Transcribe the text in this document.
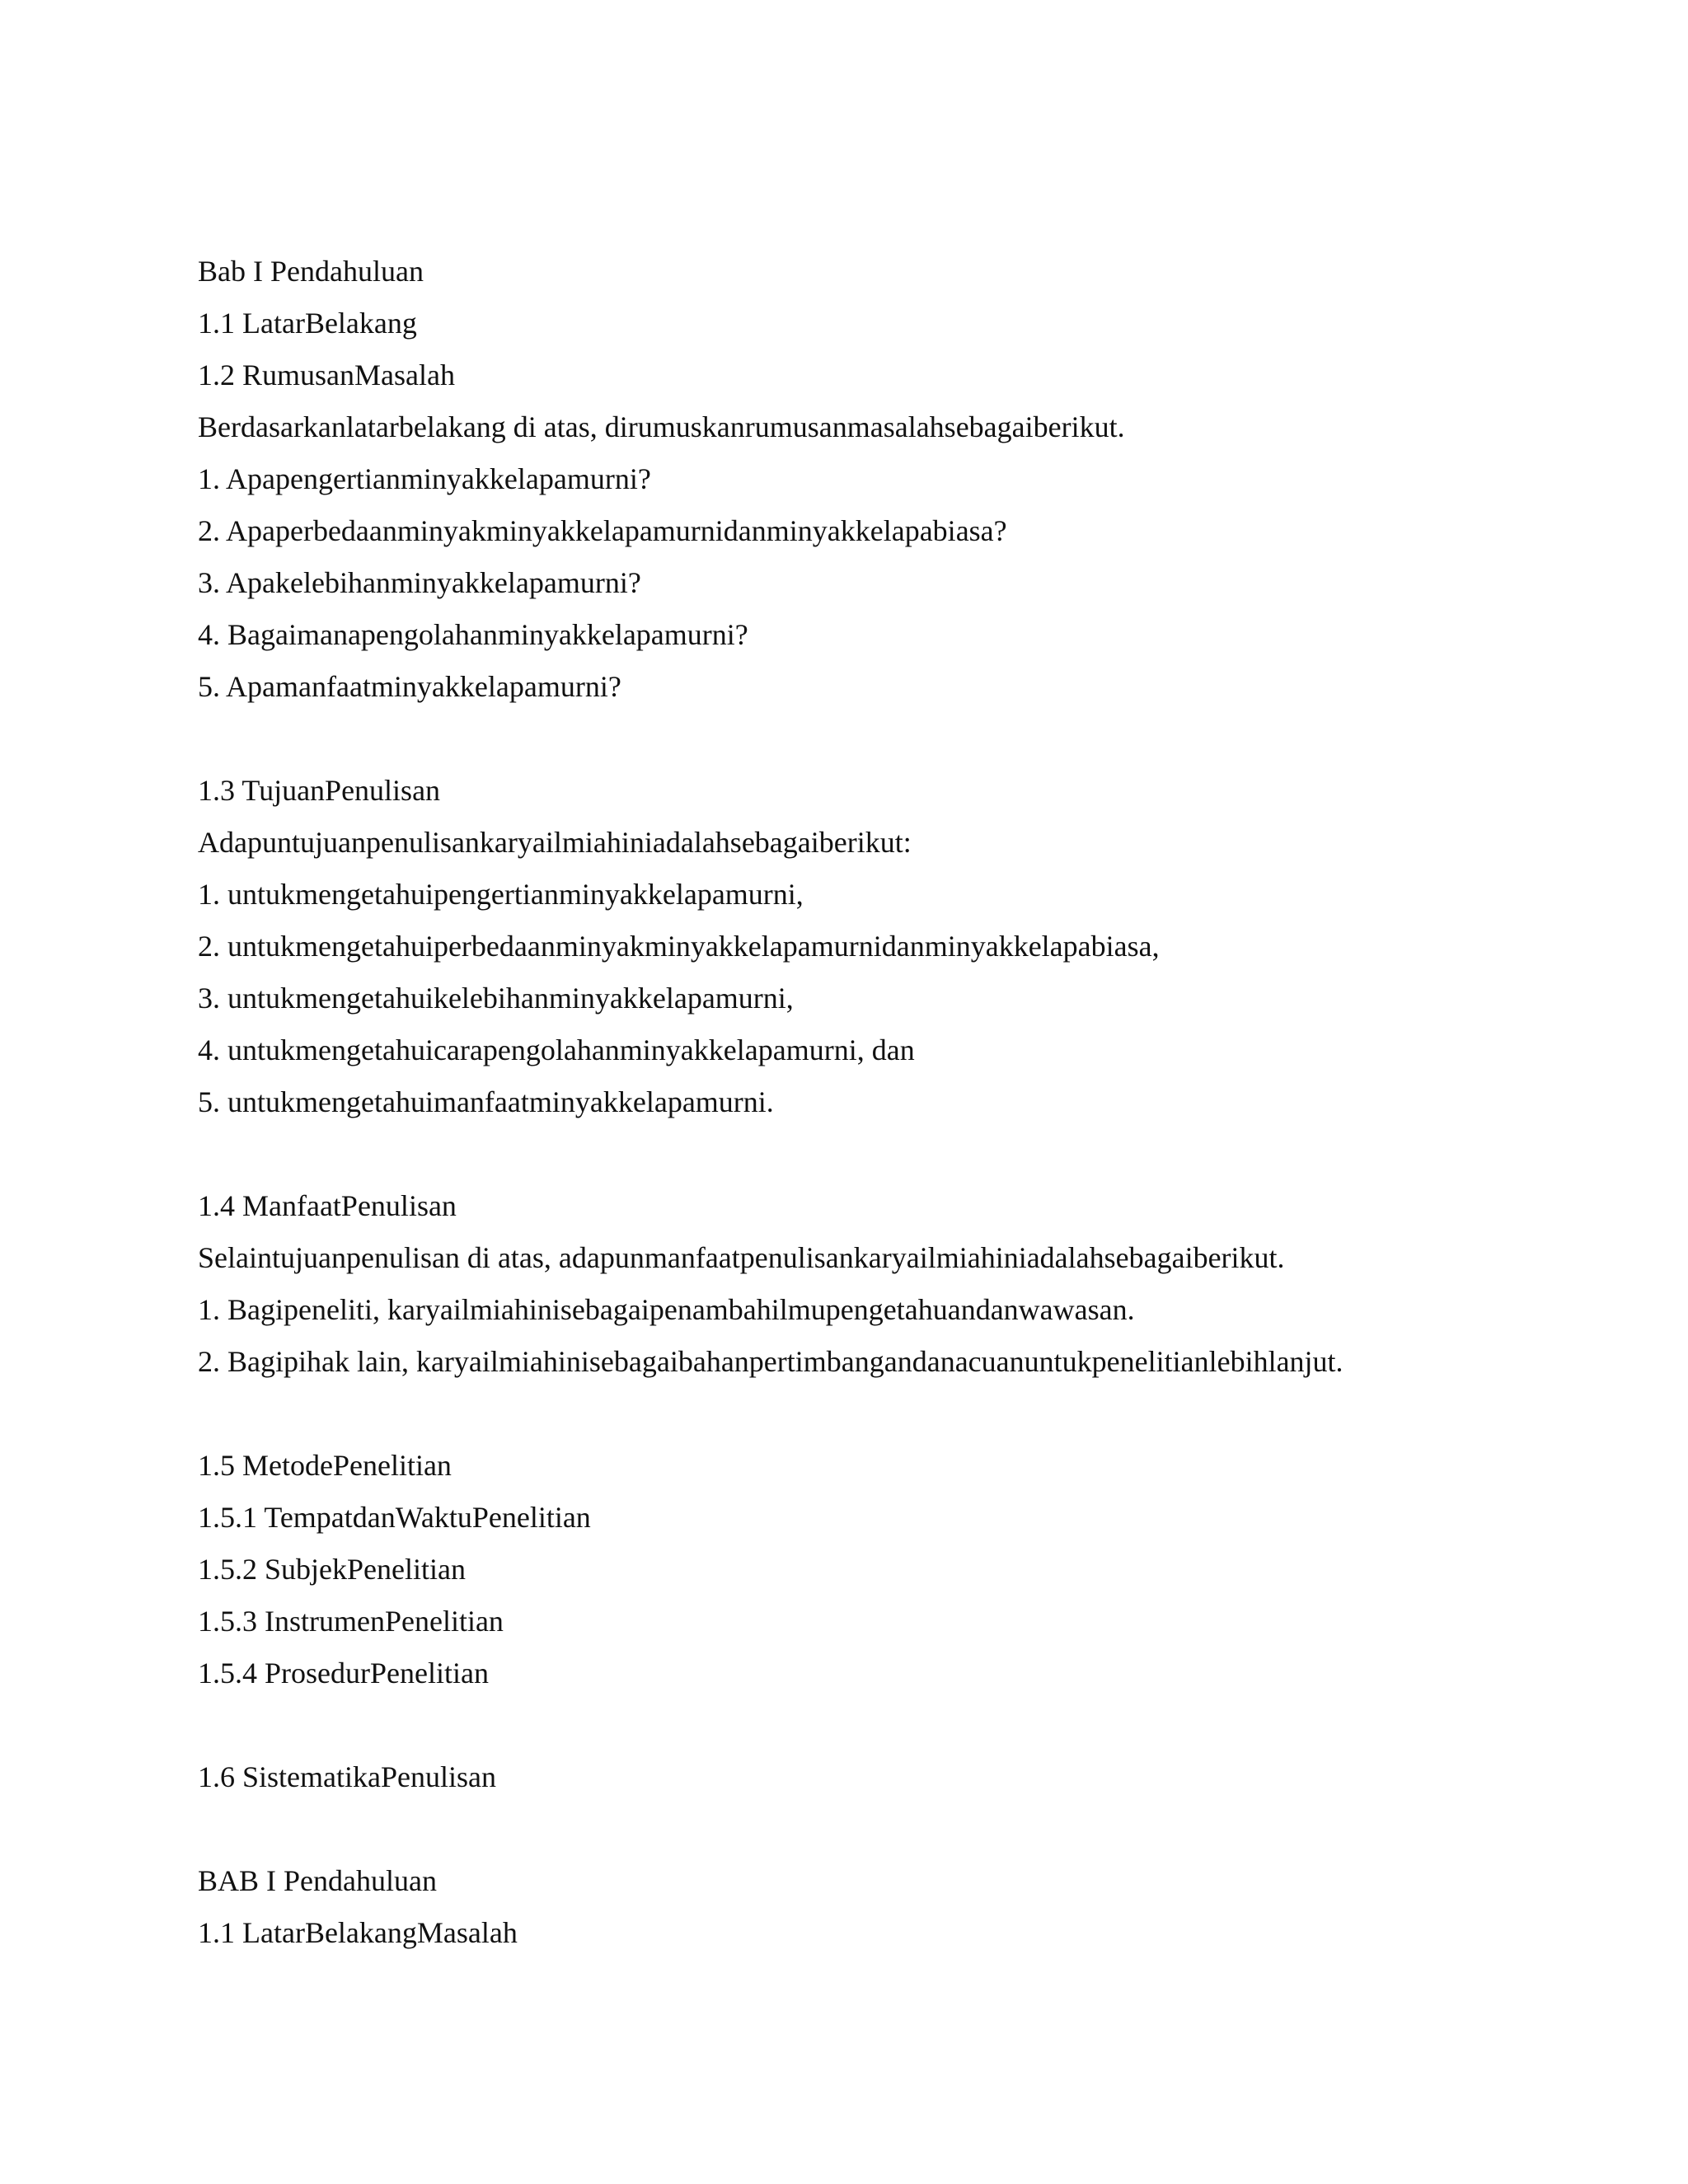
Bab I Pendahuluan
1.1 LatarBelakang
1.2 RumusanMasalah
Berdasarkanlatarbelakang di atas, dirumuskanrumusanmasalahsebagaiberikut.
1. Apapengertianminyakkelapamurni?
2. Apaperbedaanminyakminyakkelapamurnidanminyakkelapabiasa?
3. Apakelebihanminyakkelapamurni?
4. Bagaimanapengolahanminyakkelapamurni?
5. Apamanfaatminyakkelapamurni?
1.3 TujuanPenulisan
Adapuntujuanpenulisankaryailmiahiniadalahsebagaiberikut:
1. untukmengetahuipengertianminyakkelapamurni,
2. untukmengetahuiperbedaanminyakminyakkelapamurnidanminyakkelapabiasa,
3. untukmengetahuikelebihanminyakkelapamurni,
4. untukmengetahuicarapengolahanminyakkelapamurni, dan
5. untukmengetahuimanfaatminyakkelapamurni.
1.4 ManfaatPenulisan
Selaintujuanpenulisan di atas, adapunmanfaatpenulisankaryailmiahiniadalahsebagaiberikut.
1. Bagipeneliti, karyailmiahinisebagaipenambahilmupengetahuandanwawasan.
2. Bagipihak lain, karyailmiahinisebagaibahanpertimbangandanacuanuntukpenelitianlebihlanjut.
1.5 MetodePenelitian
1.5.1 TempatdanWaktuPenelitian
1.5.2 SubjekPenelitian
1.5.3 InstrumenPenelitian
1.5.4 ProsedurPenelitian
1.6 SistematikaPenulisan
BAB I Pendahuluan
1.1 LatarBelakangMasalah
